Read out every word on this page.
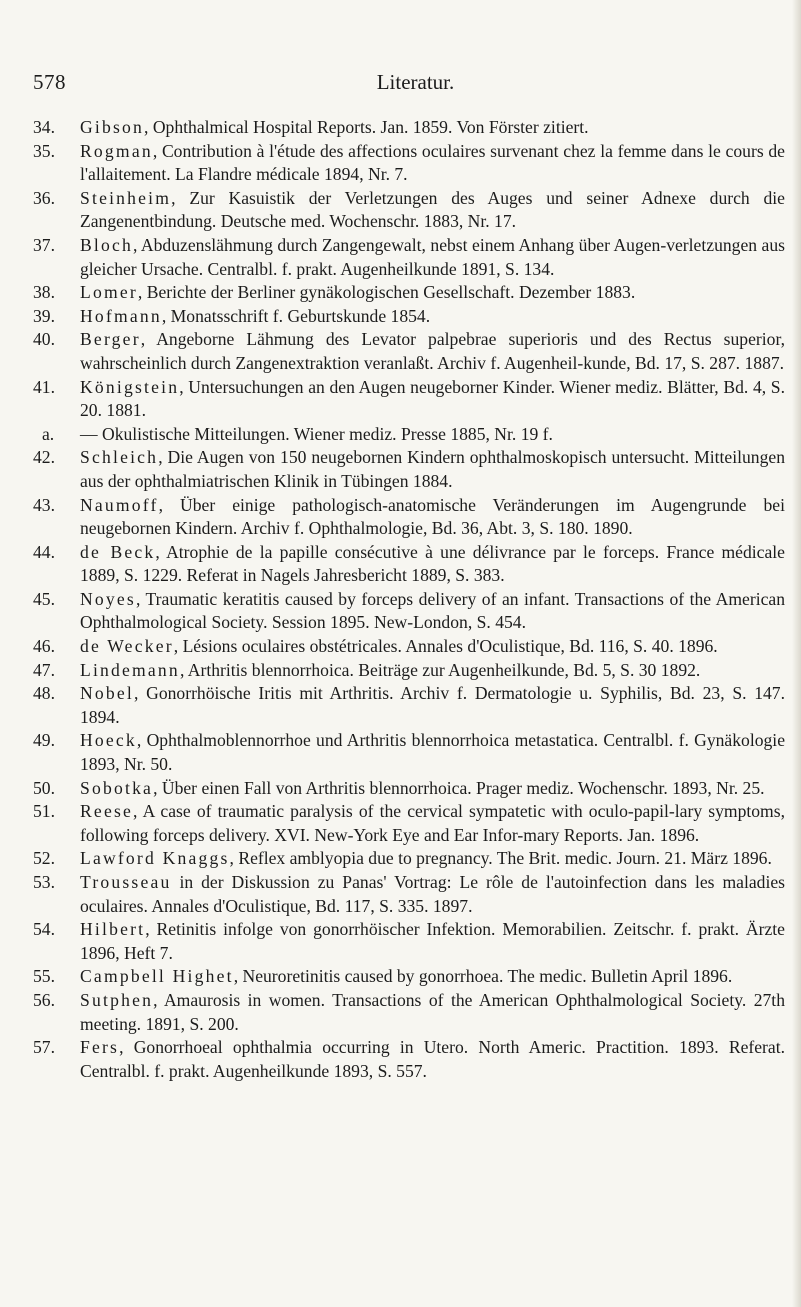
578	Literatur.

34.	Gibson, Ophthalmical Hospital Reports. Jan. 1859. Von Förster zitiert.

35.	Rogman, Contribution à l'étude des affections oculaires survenant chez la femme dans le cours de l'allaitement. La Flandre médicale 1894, Nr. 7.

36.	Steinheim, Zur Kasuistik der Verletzungen des Auges und seiner Adnexe durch die Zangenentbindung. Deutsche med. Wochenschr. 1883, Nr. 17.

37.	Bloch, Abduzenslähmung durch Zangengewalt, nebst einem Anhang über Augen-verletzungen aus gleicher Ursache. Centralbl. f. prakt. Augenheilkunde 1891, S. 134.

38.	Lomer, Berichte der Berliner gynäkologischen Gesellschaft. Dezember 1883.

39.	Hofmann, Monatsschrift f. Geburtskunde 1854.

40.	Berger, Angeborne Lähmung des Levator palpebrae superioris und des Rectus superior, wahrscheinlich durch Zangenextraktion veranlaßt. Archiv f. Augenheil-kunde, Bd. 17, S. 287. 1887.

41.	Königstein, Untersuchungen an den Augen neugeborner Kinder. Wiener mediz. Blätter, Bd. 4, S. 20. 1881.

a.	— Okulistische Mitteilungen. Wiener mediz. Presse 1885, Nr. 19 f.

42.	Schleich, Die Augen von 150 neugebornen Kindern ophthalmoskopisch untersucht. Mitteilungen aus der ophthalmiatrischen Klinik in Tübingen 1884.

43.	Naumoff, Über einige pathologisch-anatomische Veränderungen im Augengrunde bei neugebornen Kindern. Archiv f. Ophthalmologie, Bd. 36, Abt. 3, S. 180. 1890.

44.	de Beck, Atrophie de la papille consécutive à une délivrance par le forceps. France médicale 1889, S. 1229. Referat in Nagels Jahresbericht 1889, S. 383.

45.	Noyes, Traumatic keratitis caused by forceps delivery of an infant. Transactions of the American Ophthalmological Society. Session 1895. New-London, S. 454.

46.	de Wecker, Lésions oculaires obstétricales. Annales d'Oculistique, Bd. 116, S. 40. 1896.

47.	Lindemann, Arthritis blennorrhoica. Beiträge zur Augenheilkunde, Bd. 5, S. 30 1892.

48.	Nobel, Gonorrhöische Iritis mit Arthritis. Archiv f. Dermatologie u. Syphilis, Bd. 23, S. 147. 1894.

49.	Hoeck, Ophthalmoblennorrhoe und Arthritis blennorrhoica metastatica. Centralbl. f. Gynäkologie 1893, Nr. 50.

50.	Sobotka, Über einen Fall von Arthritis blennorrhoica. Prager mediz. Wochenschr. 1893, Nr. 25.

51.	Reese, A case of traumatic paralysis of the cervical sympatetic with oculo-papil-lary symptoms, following forceps delivery. XVI. New-York Eye and Ear Infor-mary Reports. Jan. 1896.

52.	Lawford Knaggs, Reflex amblyopia due to pregnancy. The Brit. medic. Journ. 21. März 1896.

53.	Trousseau in der Diskussion zu Panas' Vortrag: Le rôle de l'autoinfection dans les maladies oculaires. Annales d'Oculistique, Bd. 117, S. 335. 1897.

54.	Hilbert, Retinitis infolge von gonorrhöischer Infektion. Memorabilien. Zeitschr. f. prakt. Ärzte 1896, Heft 7.

55.	Campbell Highet, Neuroretinitis caused by gonorrhoea. The medic. Bulletin April 1896.

56.	Sutphen, Amaurosis in women. Transactions of the American Ophthalmological Society. 27th meeting. 1891, S. 200.

57.	Fers, Gonorrhoeal ophthalmia occurring in Utero. North Americ. Practition. 1893. Referat. Centralbl. f. prakt. Augenheilkunde 1893, S. 557.
